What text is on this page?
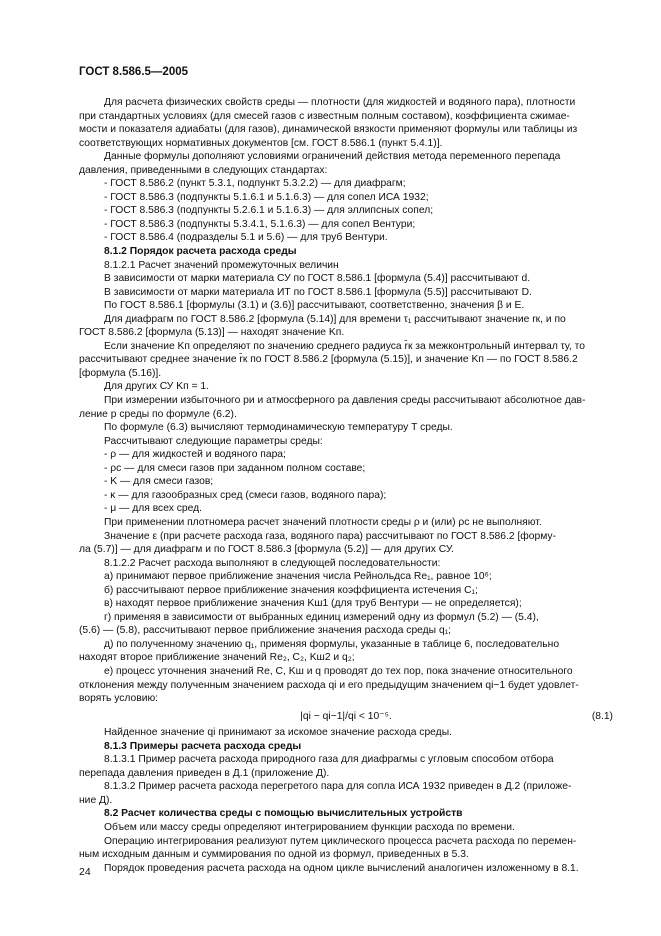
ГОСТ 8.586.5—2005
Для расчета физических свойств среды — плотности (для жидкостей и водяного пара), плотности
при стандартных условиях (для смесей газов с известным полным составом), коэффициента сжимае-
мости и показателя адиабаты (для газов), динамической вязкости применяют формулы или таблицы из
соответствующих нормативных документов [см. ГОСТ 8.586.1 (пункт 5.4.1)].
Данные формулы дополняют условиями ограничений действия метода переменного перепада
давления, приведенными в следующих стандартах:
- ГОСТ 8.586.2 (пункт 5.3.1, подпункт 5.3.2.2) — для диафрагм;
- ГОСТ 8.586.3 (подпункты 5.1.6.1 и 5.1.6.3) — для сопел ИСА 1932;
- ГОСТ 8.586.3 (подпункты 5.2.6.1 и 5.1.6.3) — для эллипсных сопел;
- ГОСТ 8.586.3 (подпункты 5.3.4.1, 5.1.6.3) — для сопел Вентури;
- ГОСТ 8.586.4 (подразделы 5.1 и 5.6) — для труб Вентури.
8.1.2 Порядок расчета расхода среды
8.1.2.1 Расчет значений промежуточных величин
В зависимости от марки материала СУ по ГОСТ 8.586.1 [формула (5.4)] рассчитывают d.
В зависимости от марки материала ИТ по ГОСТ 8.586.1 [формула (5.5)] рассчитывают D.
По ГОСТ 8.586.1 [формулы (3.1) и (3.6)] рассчитывают, соответственно, значения β и E.
Для диафрагм по ГОСТ 8.586.2 [формула (5.14)] для времени τ₁ рассчитывают значение rк, и по
ГОСТ 8.586.2 [формула (5.13)] — находят значение Kп.
Если значение Kп определяют по значению среднего радиуса r̄к за межконтрольный интервал τу, то
рассчитывают среднее значение r̄к по ГОСТ 8.586.2 [формула (5.15)], и значение Kп — по ГОСТ 8.586.2
[формула (5.16)].
Для других СУ Kп = 1.
При измерении избыточного pи и атмосферного pа давления среды рассчитывают абсолютное дав-
ление p среды по формуле (6.2).
По формуле (6.3) вычисляют термодинамическую температуру T среды.
Рассчитывают следующие параметры среды:
- ρ — для жидкостей и водяного пара;
- ρс — для смеси газов при заданном полном составе;
- K — для смеси газов;
- κ — для газообразных сред (смеси газов, водяного пара);
- μ — для всех сред.
При применении плотномера расчет значений плотности среды ρ и (или) ρс не выполняют.
Значение ε (при расчете расхода газа, водяного пара) рассчитывают по ГОСТ 8.586.2 [форму-
ла (5.7)] — для диафрагм и по ГОСТ 8.586.3 [формула (5.2)] — для других СУ.
8.1.2.2 Расчет расхода выполняют в следующей последовательности:
а) принимают первое приближение значения числа Рейнольдса Re₁, равное 10⁶;
б) рассчитывают первое приближение значения коэффициента истечения C₁;
в) находят первое приближение значения Kш1 (для труб Вентури — не определяется);
г) применяя в зависимости от выбранных единиц измерений одну из формул (5.2) — (5.4),
(5.6) — (5.8), рассчитывают первое приближение значения расхода среды q₁;
д) по полученному значению q₁, применяя формулы, указанные в таблице 6, последовательно
находят второе приближение значений Re₂, C₂, Kш2 и q₂;
е) процесс уточнения значений Re, C, Kш и q проводят до тех пор, пока значение относительного
отклонения между полученным значением расхода qi и его предыдущим значением qi−1 будет удовлет-
ворять условию:
|qi − qi−1|/qi < 10⁻⁵.	(8.1)
Найденное значение qi принимают за искомое значение расхода среды.
8.1.3 Примеры расчета расхода среды
8.1.3.1 Пример расчета расхода природного газа для диафрагмы с угловым способом отбора
перепада давления приведен в Д.1 (приложение Д).
8.1.3.2 Пример расчета расхода перегретого пара для сопла ИСА 1932 приведен в Д.2 (приложе-
ние Д).
8.2 Расчет количества среды с помощью вычислительных устройств
Объем или массу среды определяют интегрированием функции расхода по времени.
Операцию интегрирования реализуют путем циклического процесса расчета расхода по перемен-
ным исходным данным и суммирования по одной из формул, приведенных в 5.3.
Порядок проведения расчета расхода на одном цикле вычислений аналогичен изложенному в 8.1.
24
